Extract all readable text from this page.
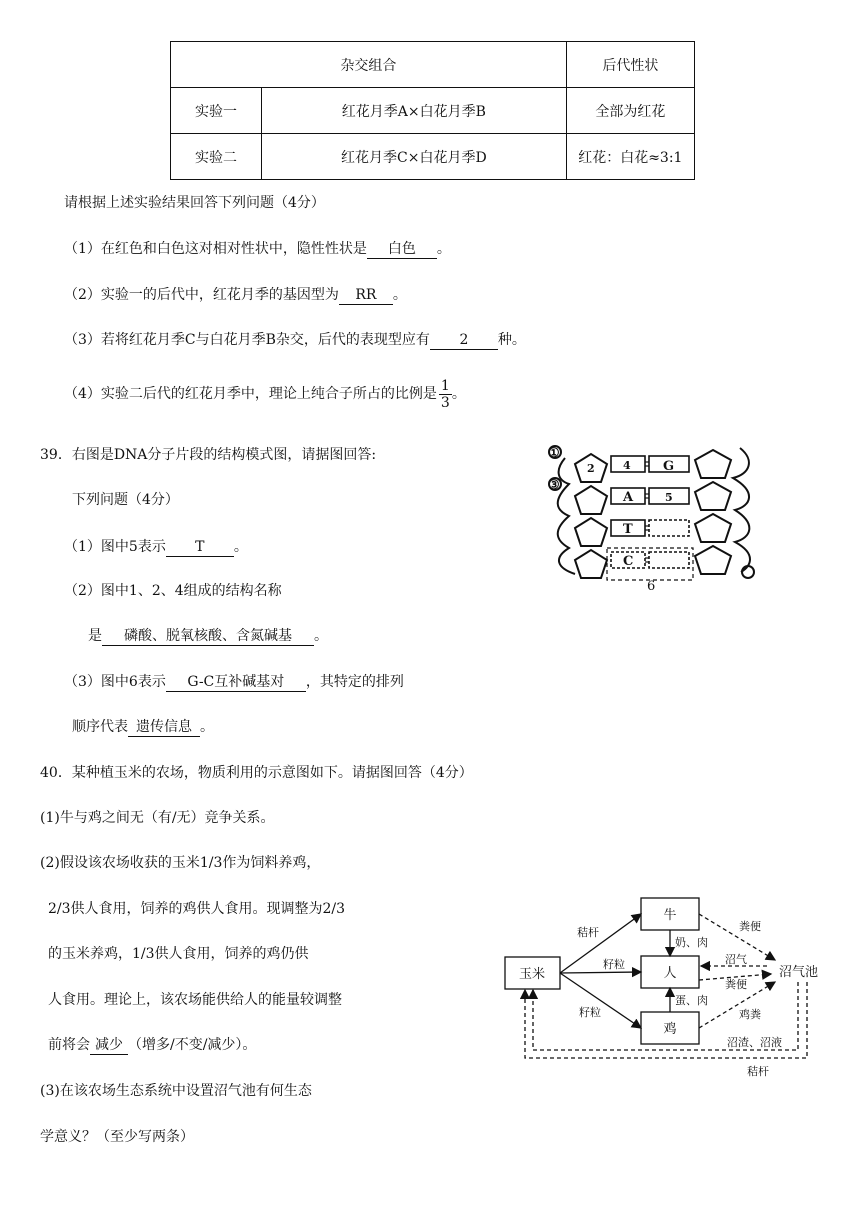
杂交组合		后代性状
实验一	红花月季A×白花月季B	全部为红花
实验二	红花月季C×白花月季D	红花：白花≈3:1
请根据上述实验结果回答下列问题（4分）
（1）在红色和白色这对相对性状中，隐性性状是 白色 。
（2）实验一的后代中，红花月季的基因型为 RR 。
（3）若将红花月季C与白花月季B杂交，后代的表现型应有 2 种。
（4）实验二后代的红花月季中，理论上纯合子所占的比例是 $\frac{1}{3}$ 。
39．右图是DNA分子片段的结构模式图，请据图回答:
下列问题（4分）
（1）图中5表示 T 。
（2）图中1、2、4组成的结构名称
是 磷酸、脱氧核酸、含氮碱基 。
（3）图中6表示 G-C互补碱基对 ，其特定的排列
顺序代表 遗传信息 。
①
③
2	4 G
A	5
T
C
6
40．某种植玉米的农场，物质利用的示意图如下。请据图回答（4分）
(1)牛与鸡之间无（有/无）竞争关系。
(2)假设该农场收获的玉米1/3作为饲料养鸡，
2/3供人食用，饲养的鸡供人食用。现调整为2/3
的玉米养鸡，1/3供人食用，饲养的鸡仍供
人食用。理论上，该农场能供给人的能量较调整
前将会 减少 （增多/不变/减少）。
(3)在该农场生态系统中设置沼气池有何生态
学意义？（至少写两条）
玉米
牛
人
鸡
沼气池
秸杆
籽粒
籽粒
奶、肉
蛋、肉
粪便
沼气
粪便
鸡粪
沼渣、沼液
秸杆
